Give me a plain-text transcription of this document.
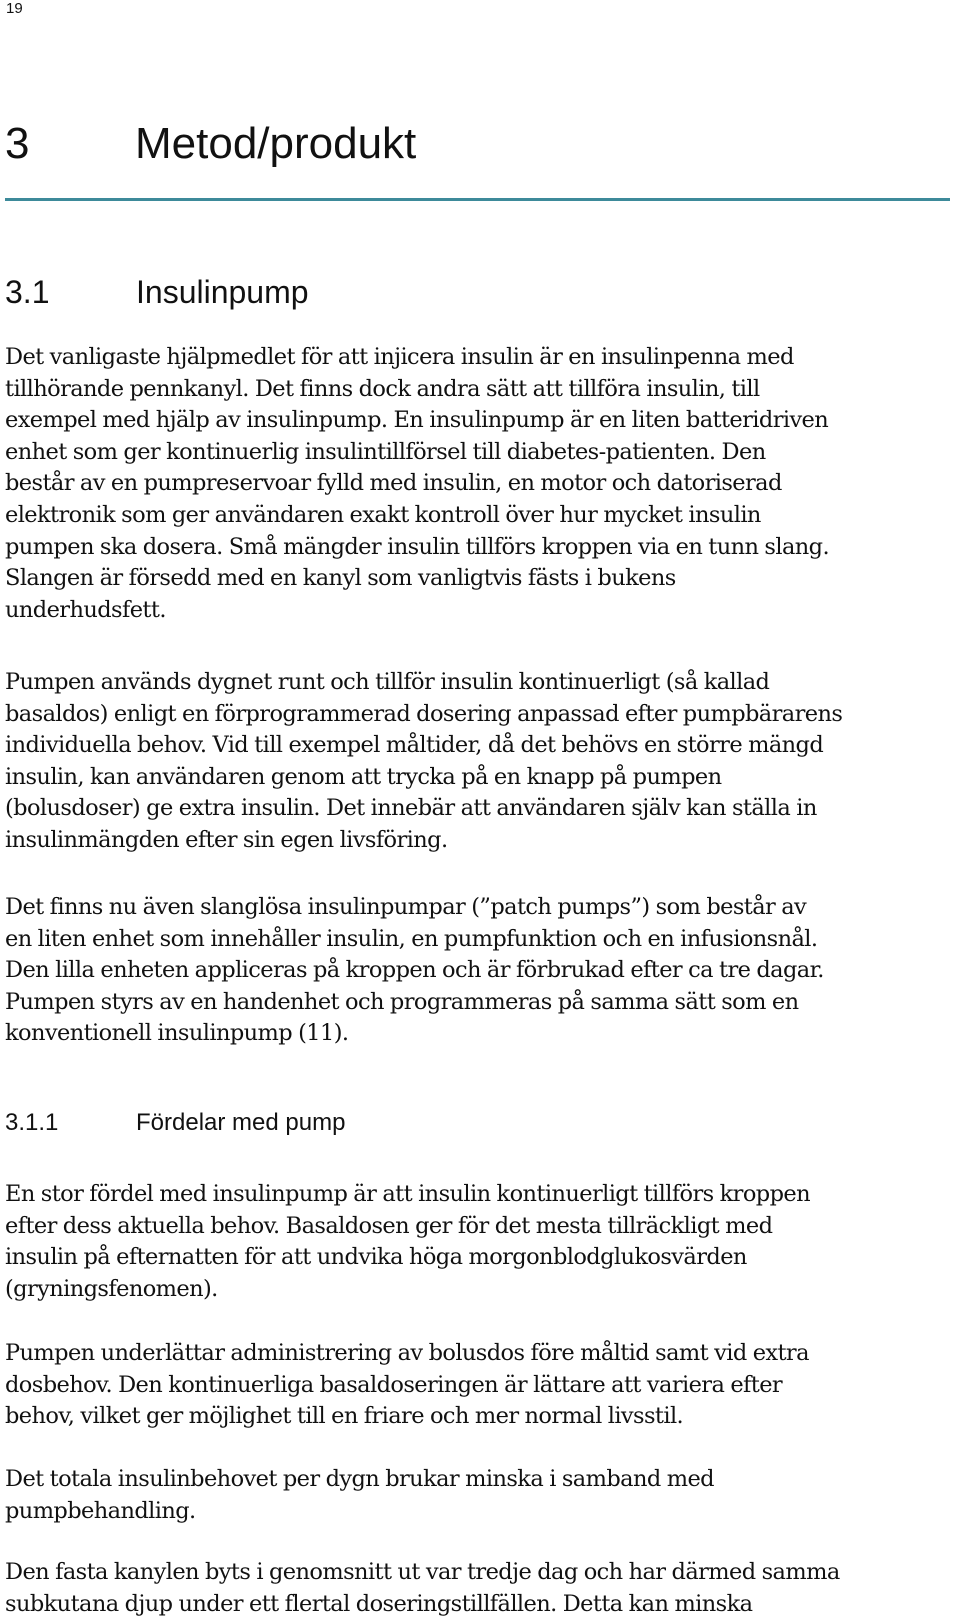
19
3 Metod/produkt
3.1	Insulinpump
Det vanligaste hjälpmedlet för att injicera insulin är en insulinpenna med
tillhörande pennkanyl. Det finns dock andra sätt att tillföra insulin, till
exempel med hjälp av insulinpump. En insulinpump är en liten batteridriven
enhet som ger kontinuerlig insulintillförsel till diabetes-patienten. Den
består av en pumpreservoar fylld med insulin, en motor och datoriserad
elektronik som ger användaren exakt kontroll över hur mycket insulin
pumpen ska dosera. Små mängder insulin tillförs kroppen via en tunn slang.
Slangen är försedd med en kanyl som vanligtvis fästs i bukens
underhudsfett.
Pumpen används dygnet runt och tillför insulin kontinuerligt (så kallad
basaldos) enligt en förprogrammerad dosering anpassad efter pumpbärarens
individuella behov. Vid till exempel måltider, då det behövs en större mängd
insulin, kan användaren genom att trycka på en knapp på pumpen
(bolusdoser) ge extra insulin. Det innebär att användaren själv kan ställa in
insulinmängden efter sin egen livsföring.
Det finns nu även slanglösa insulinpumpar (”patch pumps”) som består av
en liten enhet som innehåller insulin, en pumpfunktion och en infusionsnål.
Den lilla enheten appliceras på kroppen och är förbrukad efter ca tre dagar.
Pumpen styrs av en handenhet och programmeras på samma sätt som en
konventionell insulinpump (11).
3.1.1	Fördelar med pump
En stor fördel med insulinpump är att insulin kontinuerligt tillförs kroppen
efter dess aktuella behov. Basaldosen ger för det mesta tillräckligt med
insulin på efternatten för att undvika höga morgonblodglukosvärden
(gryningsfenomen).
Pumpen underlättar administrering av bolusdos före måltid samt vid extra
dosbehov. Den kontinuerliga basaldoseringen är lättare att variera efter
behov, vilket ger möjlighet till en friare och mer normal livsstil.
Det totala insulinbehovet per dygn brukar minska i samband med
pumpbehandling.
Den fasta kanylen byts i genomsnitt ut var tredje dag och har därmed samma
subkutana djup under ett flertal doseringstillfällen. Detta kan minska
